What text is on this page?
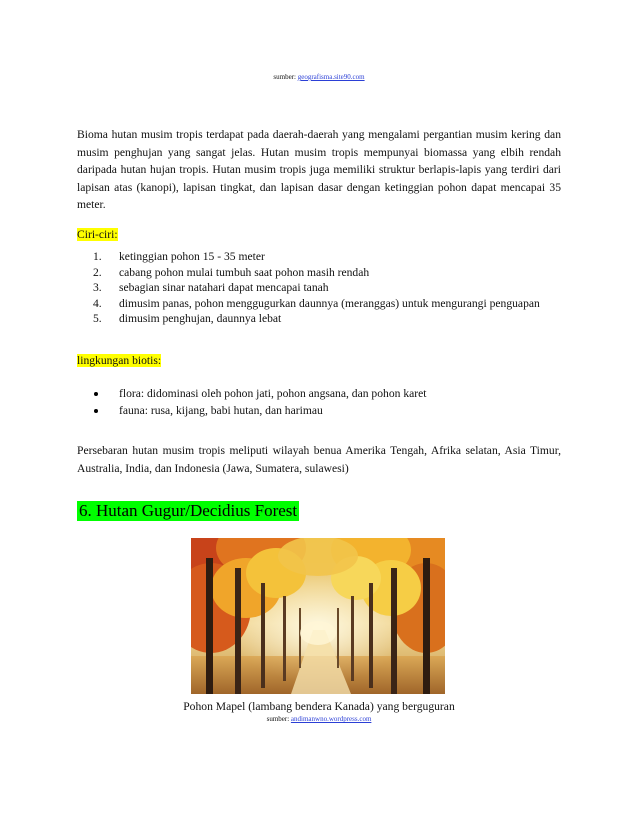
sumber: geografisma.site90.com
Bioma hutan musim tropis terdapat pada daerah-daerah yang mengalami pergantian musim kering dan musim penghujan yang sangat jelas. Hutan musim tropis mempunyai biomassa yang elbih rendah daripada hutan hujan tropis. Hutan musim tropis juga memiliki struktur berlapis-lapis yang terdiri dari lapisan atas (kanopi), lapisan tingkat, dan lapisan dasar dengan ketinggian pohon dapat mencapai 35 meter.
Ciri-ciri:
1. ketinggian pohon 15 - 35 meter
2. cabang pohon mulai tumbuh saat pohon masih rendah
3. sebagian sinar natahari dapat mencapai tanah
4. dimusim panas, pohon menggugurkan daunnya (meranggas) untuk mengurangi penguapan
5. dimusim penghujan, daunnya lebat
lingkungan biotis:
flora: didominasi oleh pohon jati, pohon angsana, dan pohon karet
fauna: rusa, kijang, babi hutan, dan harimau
Persebaran hutan musim tropis meliputi wilayah benua Amerika Tengah, Afrika selatan, Asia Timur, Australia, India, dan Indonesia (Jawa, Sumatera, sulawesi)
6. Hutan Gugur/Decidius Forest
Pohon Mapel (lambang bendera Kanada) yang berguguran
sumber: andimanwno.wordpress.com
